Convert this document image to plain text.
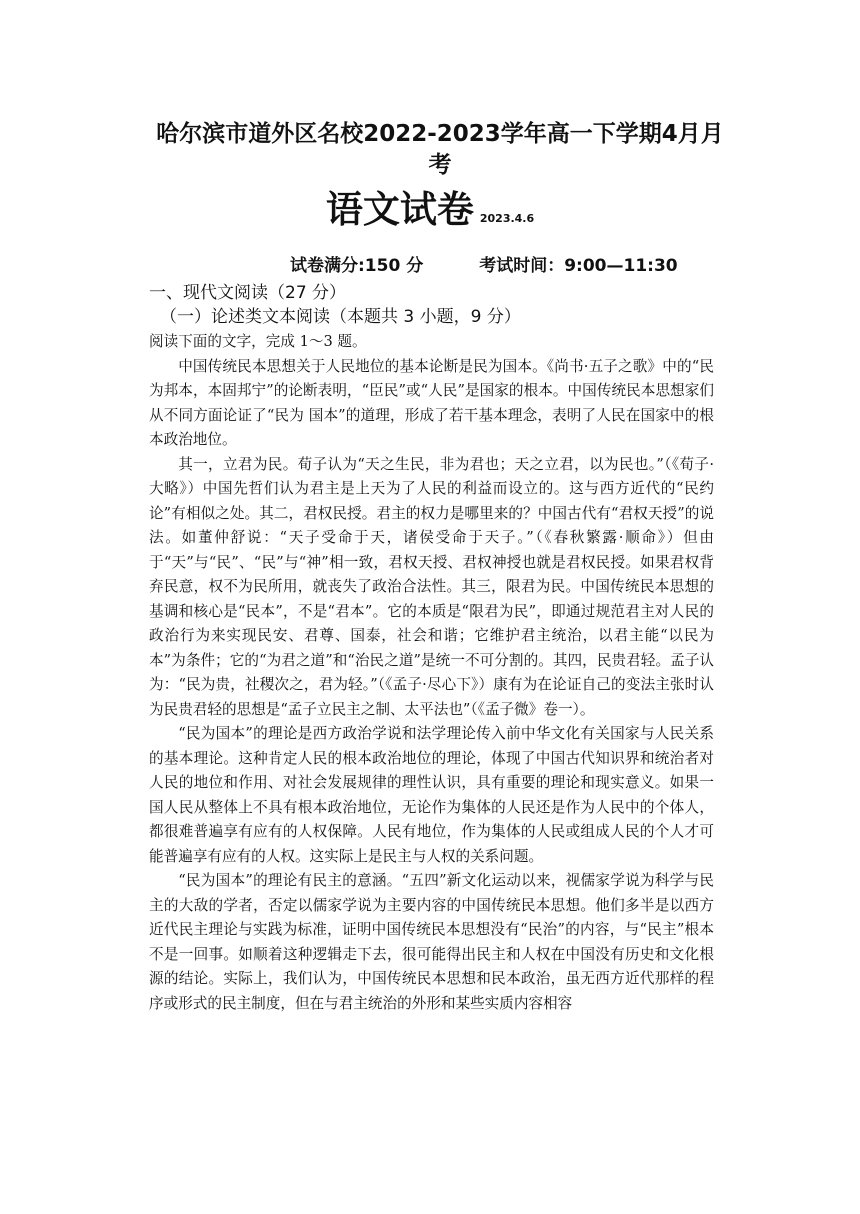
哈尔滨市道外区名校2022-2023学年高一下学期4月月
考
语文试卷 2023.4.6
试卷满分:150 分	考试时间：9:00—11:30
一、现代文阅读（27 分）
（一）论述类文本阅读（本题共 3 小题，9 分）

阅读下面的文字，完成 1～3 题。

中国传统民本思想关于人民地位的基本论断是民为国本。《尚书·五子之歌》中的“民为邦本，本固邦宁”的论断表明，“臣民”或“人民”是国家的根本。中国传统民本思想家们从不同方面论证了“民为 国本”的道理，形成了若干基本理念，表明了人民在国家中的根本政治地位。

其一，立君为民。荀子认为“天之生民，非为君也；天之立君，以为民也。”（《荀子·大略》）中国先哲们认为君主是上天为了人民的利益而设立的。这与西方近代的“民约论”有相似之处。其二，君权民授。君主的权力是哪里来的？中国古代有“君权天授”的说法。如董仲舒说：“天子受命于天，诸侯受命于天子。”（《春秋繁露·顺命》）但由于“天”与“民”、“民”与“神”相一致，君权天授、君权神授也就是君权民授。如果君权背弃民意，权不为民所用，就丧失了政治合法性。其三，限君为民。中国传统民本思想的基调和核心是“民本”，不是“君本”。它的本质是“限君为民”，即通过规范君主对人民的政治行为来实现民安、君尊、国泰，社会和谐；它维护君主统治，以君主能“以民为本”为条件；它的“为君之道”和“治民之道”是统一不可分割的。其四，民贵君轻。孟子认为：“民为贵，社稷次之，君为轻。”（《孟子·尽心下》）康有为在论证自己的变法主张时认为民贵君轻的思想是“孟子立民主之制、太平法也”（《孟子微》卷一）。

“民为国本”的理论是西方政治学说和法学理论传入前中华文化有关国家与人民关系的基本理论。这种肯定人民的根本政治地位的理论，体现了中国古代知识界和统治者对人民的地位和作用、对社会发展规律的理性认识，具有重要的理论和现实意义。如果一国人民从整体上不具有根本政治地位，无论作为集体的人民还是作为人民中的个体人，都很难普遍享有应有的人权保障。人民有地位，作为集体的人民或组成人民的个人才可能普遍享有应有的人权。这实际上是民主与人权的关系问题。

“民为国本”的理论有民主的意涵。“五四”新文化运动以来，视儒家学说为科学与民主的大敌的学者，否定以儒家学说为主要内容的中国传统民本思想。他们多半是以西方近代民主理论与实践为标准，证明中国传统民本思想没有“民治”的内容，与“民主”根本不是一回事。如顺着这种逻辑走下去，很可能得出民主和人权在中国没有历史和文化根源的结论。实际上，我们认为，中国传统民本思想和民本政治，虽无西方近代那样的程序或形式的民主制度，但在与君主统治的外形和某些实质内容相容
